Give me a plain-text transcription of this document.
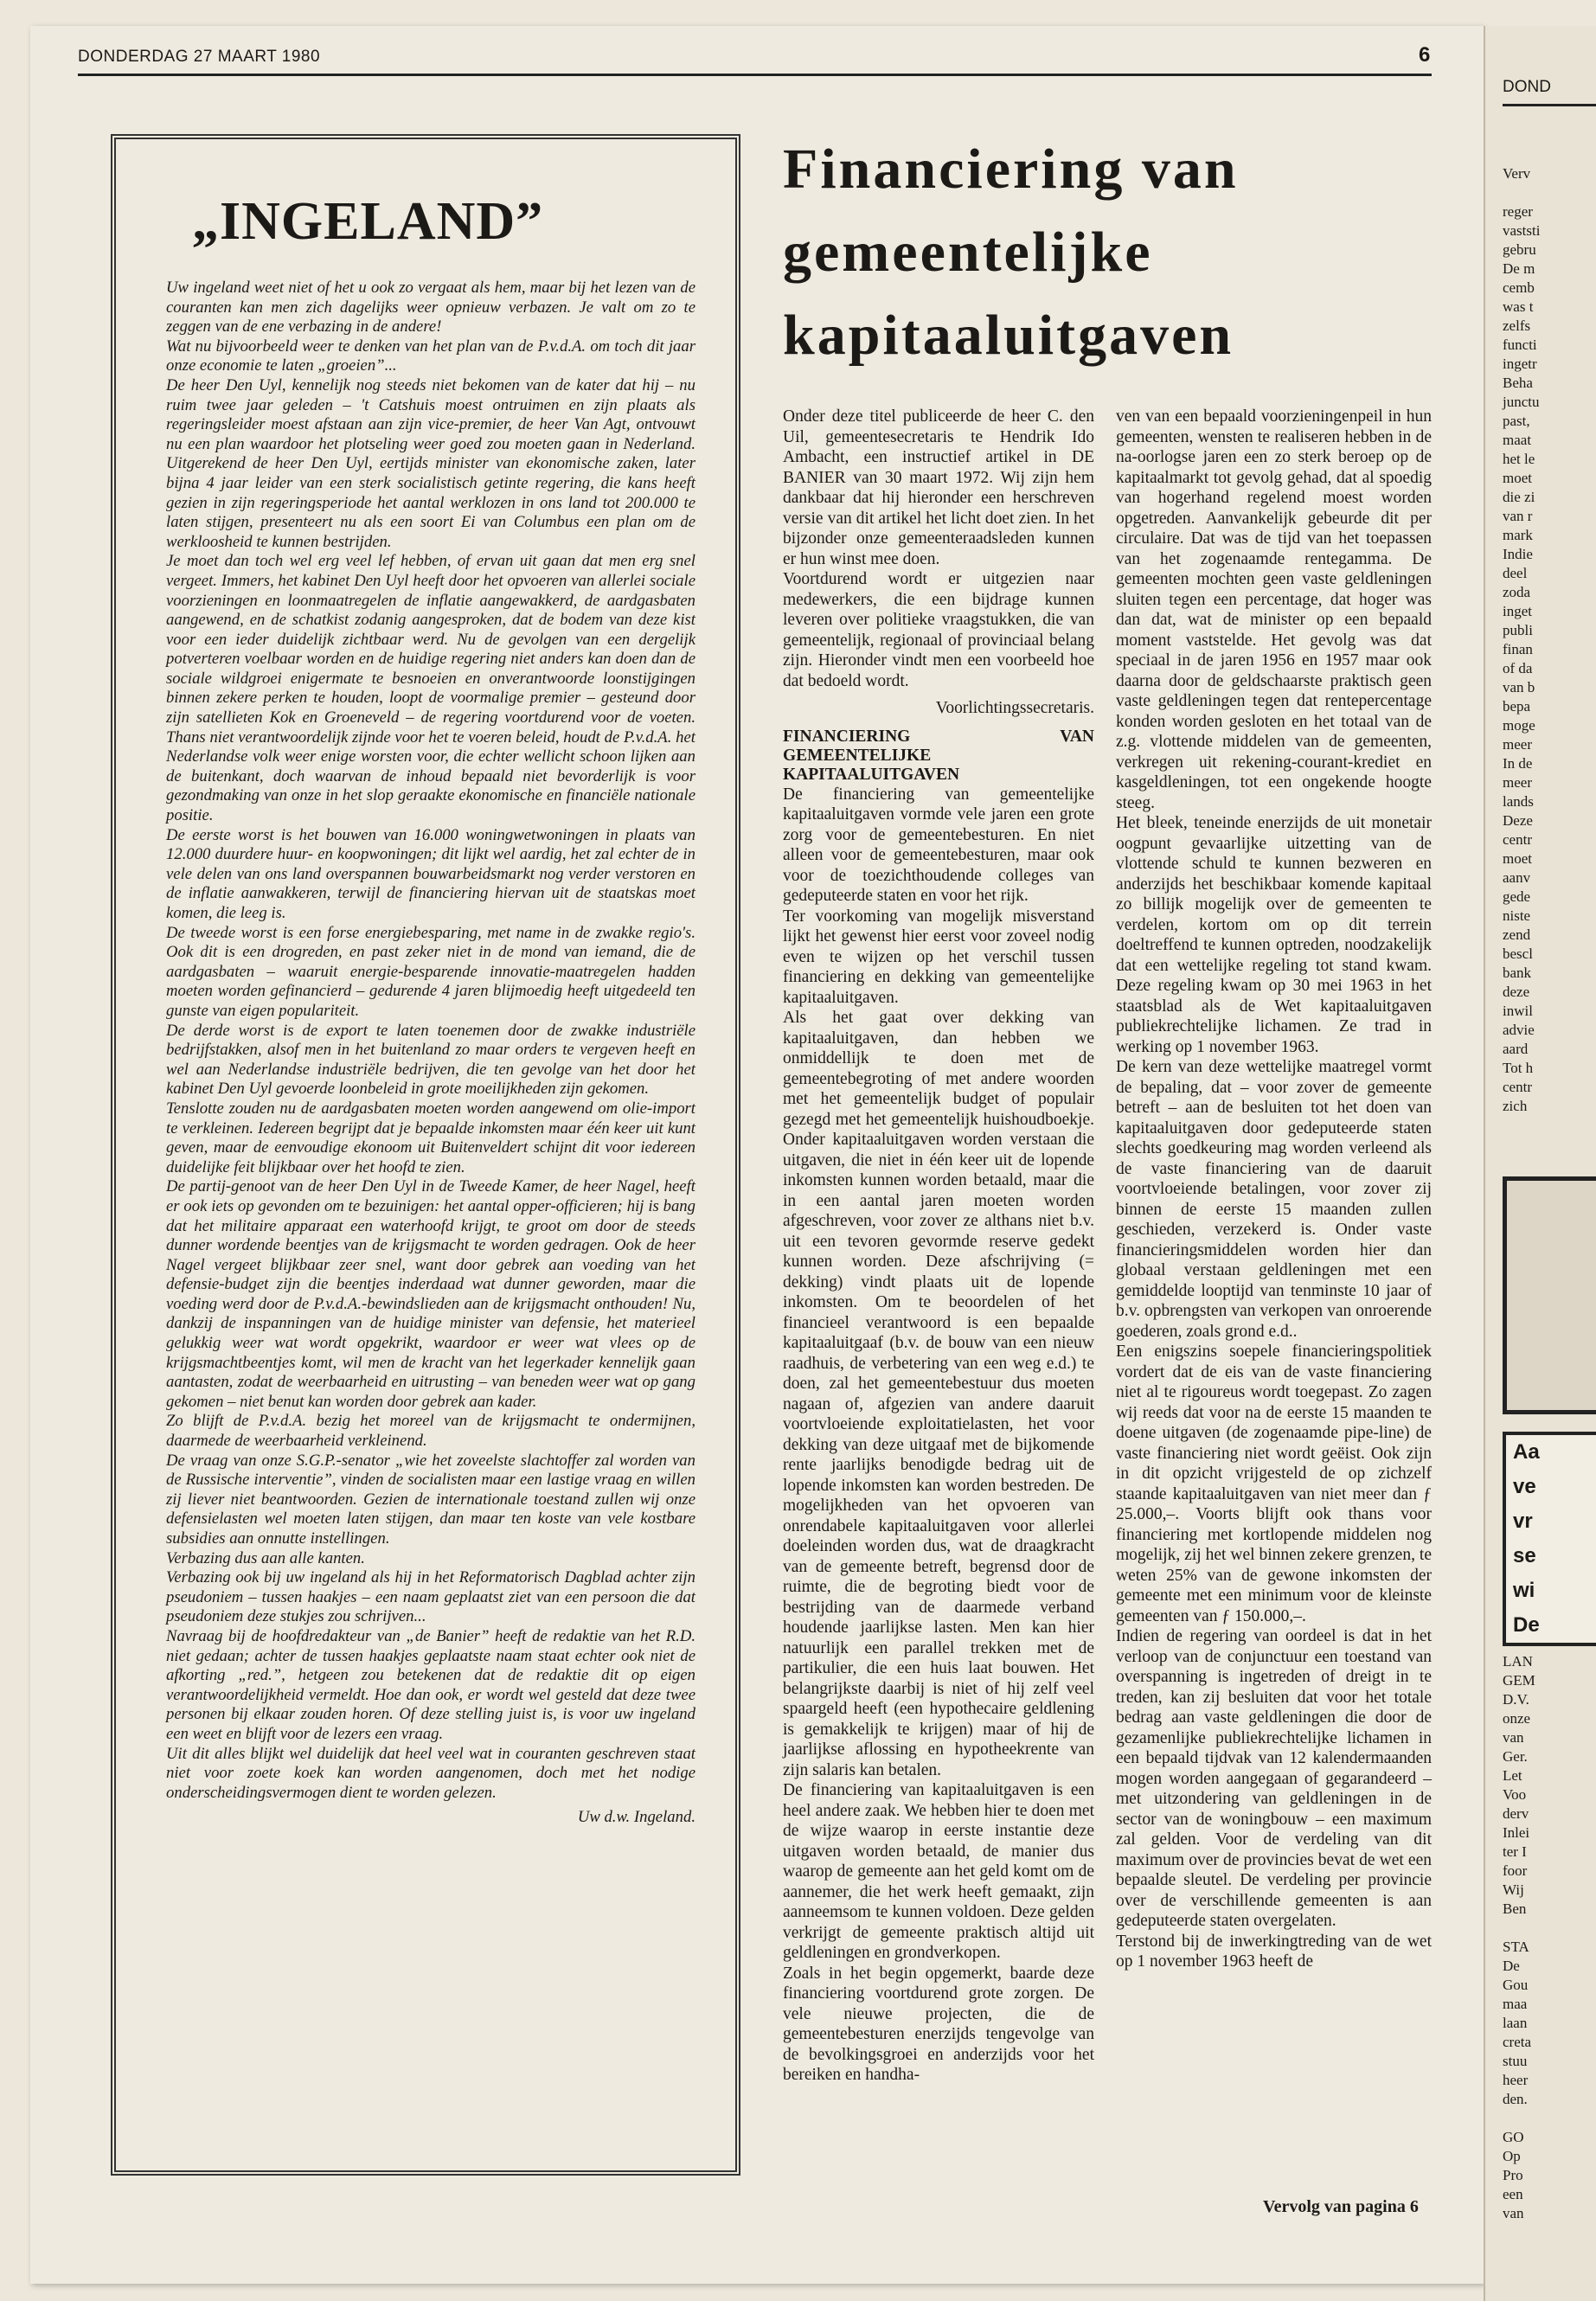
DONDERDAG 27 MAART 1980	6
„INGELAND”

Uw ingeland weet niet of het u ook zo vergaat als hem, maar bij het lezen van de couranten kan men zich dagelijks weer opnieuw verbazen. Je valt om zo te zeggen van de ene verbazing in de andere!

Wat nu bijvoorbeeld weer te denken van het plan van de P.v.d.A. om toch dit jaar onze economie te laten „groeien”...

De heer Den Uyl, kennelijk nog steeds niet bekomen van de kater dat hij – nu ruim twee jaar geleden – 't Catshuis moest ontruimen en zijn plaats als regeringsleider moest afstaan aan zijn vice-premier, de heer Van Agt, ontvouwt nu een plan waardoor het plotseling weer goed zou moeten gaan in Nederland. Uitgerekend de heer Den Uyl, eertijds minister van ekonomische zaken, later bijna 4 jaar leider van een sterk socialistisch getinte regering, die kans heeft gezien in zijn regeringsperiode het aantal werklozen in ons land tot 200.000 te laten stijgen, presenteert nu als een soort Ei van Columbus een plan om de werkloosheid te kunnen bestrijden.

Je moet dan toch wel erg veel lef hebben, of ervan uit gaan dat men erg snel vergeet. Immers, het kabinet Den Uyl heeft door het opvoeren van allerlei sociale voorzieningen en loonmaatregelen de inflatie aangewakkerd, de aardgasbaten aangewend, en de schatkist zodanig aangesproken, dat de bodem van deze kist voor een ieder duidelijk zichtbaar werd. Nu de gevolgen van een dergelijk potverteren voelbaar worden en de huidige regering niet anders kan doen dan de sociale wildgroei enigermate te besnoeien en onverantwoorde loonstijgingen binnen zekere perken te houden, loopt de voormalige premier – gesteund door zijn satellieten Kok en Groeneveld – de regering voortdurend voor de voeten. Thans niet verantwoordelijk zijnde voor het te voeren beleid, houdt de P.v.d.A. het Nederlandse volk weer enige worsten voor, die echter wellicht schoon lijken aan de buitenkant, doch waarvan de inhoud bepaald niet bevorderlijk is voor gezondmaking van onze in het slop geraakte ekonomische en financiële nationale positie.

De eerste worst is het bouwen van 16.000 woningwetwoningen in plaats van 12.000 duurdere huur- en koopwoningen; dit lijkt wel aardig, het zal echter de in vele delen van ons land overspannen bouwarbeidsmarkt nog verder verstoren en de inflatie aanwakkeren, terwijl de financiering hiervan uit de staatskas moet komen, die leeg is.

De tweede worst is een forse energiebesparing, met name in de zwakke regio's. Ook dit is een drogreden, en past zeker niet in de mond van iemand, die de aardgasbaten – waaruit energie-besparende innovatie-maatregelen hadden moeten worden gefinancierd – gedurende 4 jaren blijmoedig heeft uitgedeeld ten gunste van eigen populariteit.

De derde worst is de export te laten toenemen door de zwakke industriële bedrijfstakken, alsof men in het buitenland zo maar orders te vergeven heeft en wel aan Nederlandse industriële bedrijven, die ten gevolge van het door het kabinet Den Uyl gevoerde loonbeleid in grote moeilijkheden zijn gekomen.

Tenslotte zouden nu de aardgasbaten moeten worden aangewend om olie-import te verkleinen. Iedereen begrijpt dat je bepaalde inkomsten maar één keer uit kunt geven, maar de eenvoudige ekonoom uit Buitenveldert schijnt dit voor iedereen duidelijke feit blijkbaar over het hoofd te zien.

De partij-genoot van de heer Den Uyl in de Tweede Kamer, de heer Nagel, heeft er ook iets op gevonden om te bezuinigen: het aantal opper-officieren; hij is bang dat het militaire apparaat een waterhoofd krijgt, te groot om door de steeds dunner wordende beentjes van de krijgsmacht te worden gedragen. Ook de heer Nagel vergeet blijkbaar zeer snel, want door gebrek aan voeding van het defensie-budget zijn die beentjes inderdaad wat dunner geworden, maar die voeding werd door de P.v.d.A.-bewindslieden aan de krijgsmacht onthouden! Nu, dankzij de inspanningen van de huidige minister van defensie, het materieel gelukkig weer wat wordt opgekrikt, waardoor er weer wat vlees op de krijgsmachtbeentjes komt, wil men de kracht van het legerkader kennelijk gaan aantasten, zodat de weerbaarheid en uitrusting – van beneden weer wat op gang gekomen – niet benut kan worden door gebrek aan kader.

Zo blijft de P.v.d.A. bezig het moreel van de krijgsmacht te ondermijnen, daarmede de weerbaarheid verkleinend.

De vraag van onze S.G.P.-senator „wie het zoveelste slachtoffer zal worden van de Russische interventie”, vinden de socialisten maar een lastige vraag en willen zij liever niet beantwoorden. Gezien de internationale toestand zullen wij onze defensielasten wel moeten laten stijgen, dan maar ten koste van vele kostbare subsidies aan onnutte instellingen.

Verbazing dus aan alle kanten.

Verbazing ook bij uw ingeland als hij in het Reformatorisch Dagblad achter zijn pseudoniem – tussen haakjes – een naam geplaatst ziet van een persoon die dat pseudoniem deze stukjes zou schrijven...

Navraag bij de hoofdredakteur van „de Banier” heeft de redaktie van het R.D. niet gedaan; achter de tussen haakjes geplaatste naam staat echter ook niet de afkorting „red.”, hetgeen zou betekenen dat de redaktie dit op eigen verantwoordelijkheid vermeldt. Hoe dan ook, er wordt wel gesteld dat deze twee personen bij elkaar zouden horen. Of deze stelling juist is, is voor uw ingeland een weet en blijft voor de lezers een vraag.

Uit dit alles blijkt wel duidelijk dat heel veel wat in couranten geschreven staat niet voor zoete koek kan worden aangenomen, doch met het nodige onderscheidingsvermogen dient te worden gelezen.

Uw d.w. Ingeland.
Financiering van
gemeentelijke
kapitaaluitgaven

Onder deze titel publiceerde de heer C. den Uil, gemeentesecretaris te Hendrik Ido Ambacht, een instructief artikel in DE BANIER van 30 maart 1972. Wij zijn hem dankbaar dat hij hieronder een herschreven versie van dit artikel het licht doet zien. In het bijzonder onze gemeenteraadsleden kunnen er hun winst mee doen.

Voortdurend wordt er uitgezien naar medewerkers, die een bijdrage kunnen leveren over politieke vraagstukken, die van gemeentelijk, regionaal of provinciaal belang zijn. Hieronder vindt men een voorbeeld hoe dat bedoeld wordt.

Voorlichtingssecretaris.

FINANCIERING VAN GEMEENTELIJKE KAPITAALUITGAVEN

De financiering van gemeentelijke kapitaaluitgaven vormde vele jaren een grote zorg voor de gemeentebesturen. En niet alleen voor de gemeentebesturen, maar ook voor de toezichthoudende colleges van gedeputeerde staten en voor het rijk.

Ter voorkoming van mogelijk misverstand lijkt het gewenst hier eerst voor zoveel nodig even te wijzen op het verschil tussen financiering en dekking van gemeentelijke kapitaaluitgaven.

Als het gaat over dekking van kapitaaluitgaven, dan hebben we onmiddellijk te doen met de gemeentebegroting of met andere woorden met het gemeentelijk budget of populair gezegd met het gemeentelijk huishoudboekje. Onder kapitaaluitgaven worden verstaan die uitgaven, die niet in één keer uit de lopende inkomsten kunnen worden betaald, maar die in een aantal jaren moeten worden afgeschreven, voor zover ze althans niet b.v. uit een tevoren gevormde reserve gedekt kunnen worden. Deze afschrijving (= dekking) vindt plaats uit de lopende inkomsten. Om te beoordelen of het financieel verantwoord is een bepaalde kapitaaluitgaaf (b.v. de bouw van een nieuw raadhuis, de verbetering van een weg e.d.) te doen, zal het gemeentebestuur dus moeten nagaan of, afgezien van andere daaruit voortvloeiende exploitatielasten, het voor dekking van deze uitgaaf met de bijkomende rente jaarlijks benodigde bedrag uit de lopende inkomsten kan worden bestreden. De mogelijkheden van het opvoeren van onrendabele kapitaaluitgaven voor allerlei doeleinden worden dus, wat de draagkracht van de gemeente betreft, begrensd door de ruimte, die de begroting biedt voor de bestrijding van de daarmede verband houdende jaarlijkse lasten. Men kan hier natuurlijk een parallel trekken met de partikulier, die een huis laat bouwen. Het belangrijkste daarbij is niet of hij zelf veel spaargeld heeft (een hypothecaire geldlening is gemakkelijk te krijgen) maar of hij de jaarlijkse aflossing en hypotheekrente van zijn salaris kan betalen.

De financiering van kapitaaluitgaven is een heel andere zaak. We hebben hier te doen met de wijze waarop in eerste instantie deze uitgaven worden betaald, de manier dus waarop de gemeente aan het geld komt om de aannemer, die het werk heeft gemaakt, zijn aanneemsom te kunnen voldoen. Deze gelden verkrijgt de gemeente praktisch altijd uit geldleningen en grondverkopen.

Zoals in het begin opgemerkt, baarde deze financiering voortdurend grote zorgen. De vele nieuwe projecten, die de gemeentebesturen enerzijds tengevolge van de bevolkingsgroei en anderzijds voor het bereiken en handha-

ven van een bepaald voorzieningenpeil in hun gemeenten, wensten te realiseren hebben in de na-oorlogse jaren een zo sterk beroep op de kapitaalmarkt tot gevolg gehad, dat al spoedig van hogerhand regelend moest worden opgetreden. Aanvankelijk gebeurde dit per circulaire. Dat was de tijd van het toepassen van het zogenaamde rentegamma. De gemeenten mochten geen vaste geldleningen sluiten tegen een percentage, dat hoger was dan dat, wat de minister op een bepaald moment vaststelde. Het gevolg was dat speciaal in de jaren 1956 en 1957 maar ook daarna door de geldschaarste praktisch geen vaste geldleningen tegen dat rentepercentage konden worden gesloten en het totaal van de z.g. vlottende middelen van de gemeenten, verkregen uit rekening-courant-krediet en kasgeldleningen, tot een ongekende hoogte steeg.

Het bleek, teneinde enerzijds de uit monetair oogpunt gevaarlijke uitzetting van de vlottende schuld te kunnen bezweren en anderzijds het beschikbaar komende kapitaal zo billijk mogelijk over de gemeenten te verdelen, kortom om op dit terrein doeltreffend te kunnen optreden, noodzakelijk dat een wettelijke regeling tot stand kwam. Deze regeling kwam op 30 mei 1963 in het staatsblad als de Wet kapitaaluitgaven publiekrechtelijke lichamen. Ze trad in werking op 1 november 1963.

De kern van deze wettelijke maatregel vormt de bepaling, dat – voor zover de gemeente betreft – aan de besluiten tot het doen van kapitaaluitgaven door gedeputeerde staten slechts goedkeuring mag worden verleend als de vaste financiering van de daaruit voortvloeiende betalingen, voor zover zij binnen de eerste 15 maanden zullen geschieden, verzekerd is. Onder vaste financieringsmiddelen worden hier dan globaal verstaan geldleningen met een gemiddelde looptijd van tenminste 10 jaar of b.v. opbrengsten van verkopen van onroerende goederen, zoals grond e.d..

Een enigszins soepele financieringspolitiek vordert dat de eis van de vaste financiering niet al te rigoureus wordt toegepast. Zo zagen wij reeds dat voor na de eerste 15 maanden te doene uitgaven (de zogenaamde pipe-line) de vaste financiering niet wordt geëist. Ook zijn in dit opzicht vrijgesteld de op zichzelf staande kapitaaluitgaven van niet meer dan ƒ 25.000,–. Voorts blijft ook thans voor financiering met kortlopende middelen nog mogelijk, zij het wel binnen zekere grenzen, te weten 25% van de gewone inkomsten der gemeente met een minimum voor de kleinste gemeenten van ƒ 150.000,–.

Indien de regering van oordeel is dat in het verloop van de conjunctuur een toestand van overspanning is ingetreden of dreigt in te treden, kan zij besluiten dat voor het totale bedrag aan vaste geldleningen die door de gezamenlijke publiekrechtelijke lichamen in een bepaald tijdvak van 12 kalendermaanden mogen worden aangegaan of gegarandeerd – met uitzondering van geldleningen in de sector van de woningbouw – een maximum zal gelden. Voor de verdeling van dit maximum over de provincies bevat de wet een bepaalde sleutel. De verdeling per provincie over de verschillende gemeenten is aan gedeputeerde staten overgelaten.

Terstond bij de inwerkingtreding van de wet op 1 november 1963 heeft de

Vervolg van pagina 6
DOND
Verv

reger
vaststi
gebru
De m
cemb
was t
zelfs
functi
ingetr
Beha
junctu
past,
maat
het le
moet
die zi
van r
mark
Indie
deel
zoda
inget
publi
finan
of da
van b
bepa
moge
meer
In de
meer
lands
Deze
centr
moet
aanv
gede
niste
zend
bescl
bank
deze
inwil
advie
aard
Tot h
centr
zich
Aa
ve
vr
se
wi
De
LAN
GEM
D.V.
onze
van
Ger.
Let
Voo
derv
Inlei
ter I
foor
Wij
Ben

STA
De
Gou
maa
laan
creta
stuu
heer
den.

GO
Op
Pro
een
van
